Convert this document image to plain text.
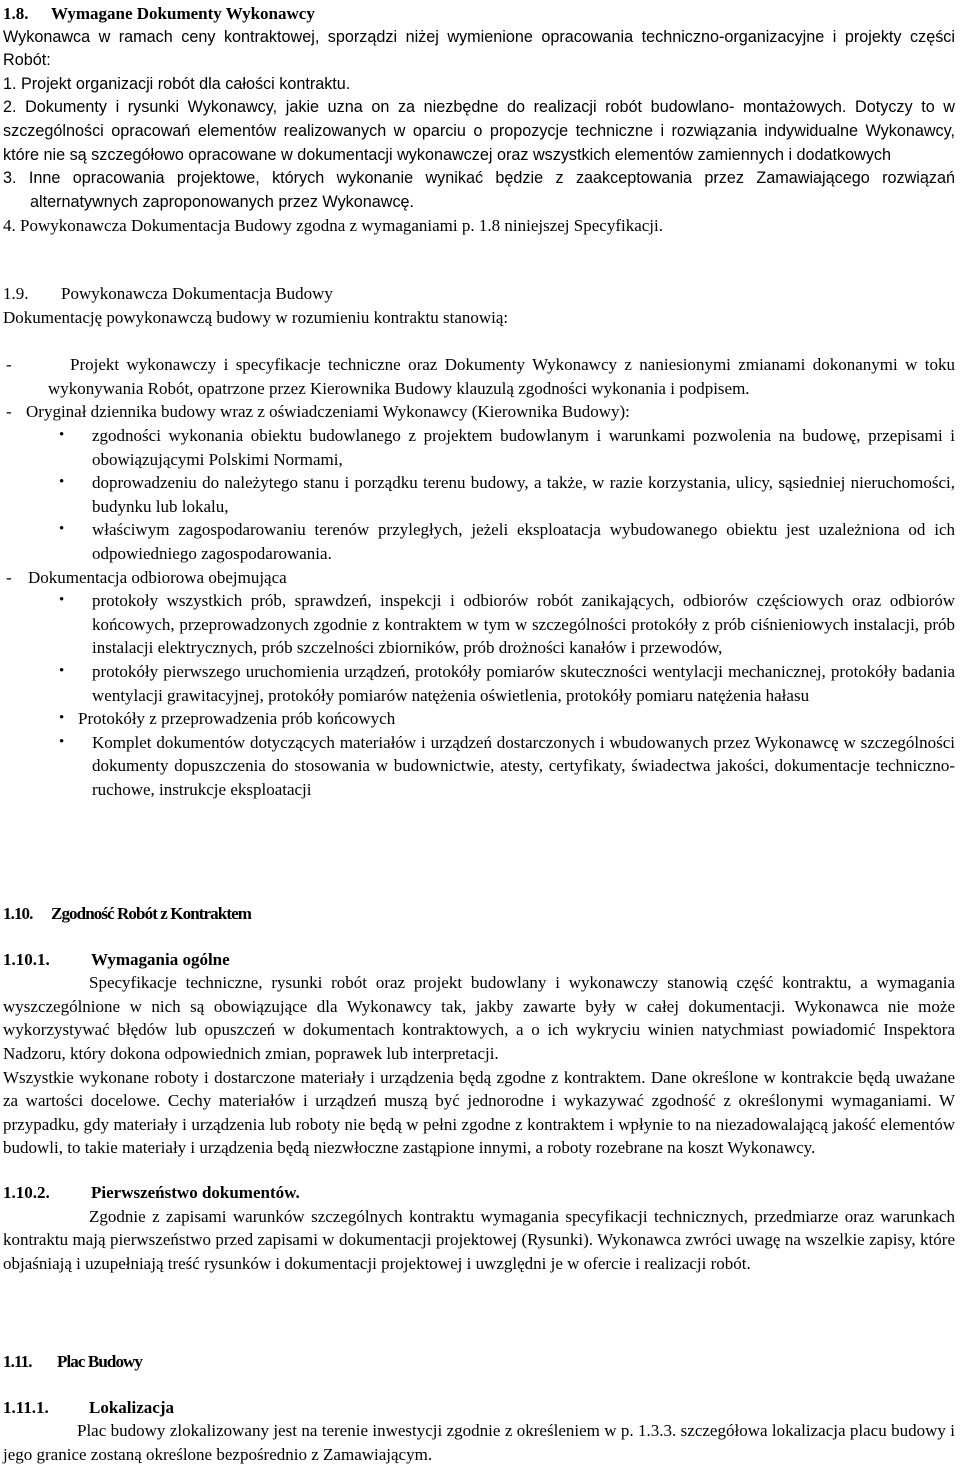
1.8. Wymagane Dokumenty Wykonawcy

Wykonawca w ramach ceny kontraktowej, sporządzi niżej wymienione opracowania techniczno-organizacyjne i projekty części Robót:

1. Projekt organizacji robót dla całości kontraktu.

2. Dokumenty i rysunki Wykonawcy, jakie uzna on za niezbędne do realizacji robót budowlano- montażowych. Dotyczy to w szczególności opracowań elementów realizowanych w oparciu o propozycje techniczne i rozwiązania indywidualne Wykonawcy, które nie są szczegółowo opracowane w dokumentacji wykonawczej oraz wszystkich elementów zamiennych i dodatkowych

3. Inne opracowania projektowe, których wykonanie wynikać będzie z zaakceptowania przez Zamawiającego rozwiązań alternatywnych zaproponowanych przez Wykonawcę.

4. Powykonawcza Dokumentacja Budowy zgodna z wymaganiami p. 1.8 niniejszej Specyfikacji.

1.9. Powykonawcza Dokumentacja Budowy

Dokumentację powykonawczą budowy w rozumieniu kontraktu stanowią:

-	Projekt wykonawczy i specyfikacje techniczne oraz Dokumenty Wykonawcy z naniesionymi zmianami dokonanymi w toku wykonywania Robót, opatrzone przez Kierownika Budowy klauzulą zgodności wykonania i podpisem.
- Oryginał dziennika budowy wraz z oświadczeniami Wykonawcy (Kierownika Budowy):
• zgodności wykonania obiektu budowlanego z projektem budowlanym i warunkami pozwolenia na budowę, przepisami i obowiązującymi Polskimi Normami,
• doprowadzeniu do należytego stanu i porządku terenu budowy, a także, w razie korzystania, ulicy, sąsiedniej nieruchomości, budynku lub lokalu,
• właściwym zagospodarowaniu terenów przyległych, jeżeli eksploatacja wybudowanego obiektu jest uzależniona od ich odpowiedniego zagospodarowania.
- Dokumentacja odbiorowa obejmująca
• protokoły wszystkich prób, sprawdzeń, inspekcji i odbiorów robót zanikających, odbiorów częściowych oraz odbiorów końcowych, przeprowadzonych zgodnie z kontraktem w tym w szczególności protokóły z prób ciśnieniowych instalacji, prób instalacji elektrycznych, prób szczelności zbiorników, prób drożności kanałów i przewodów,
• protokóły pierwszego uruchomienia urządzeń, protokóły pomiarów skuteczności wentylacji mechanicznej, protokóły badania wentylacji grawitacyjnej, protokóły pomiarów natężenia oświetlenia, protokóły pomiaru natężenia hałasu
• Protokóły z przeprowadzenia prób końcowych
• Komplet dokumentów dotyczących materiałów i urządzeń dostarczonych i wbudowanych przez Wykonawcę w szczególności dokumenty dopuszczenia do stosowania w budownictwie, atesty, certyfikaty, świadectwa jakości, dokumentacje techniczno-ruchowe, instrukcje eksploatacji
1.10. Zgodność Robót z Kontraktem
1.10.1. Wymagania ogólne

Specyfikacje techniczne, rysunki robót oraz projekt budowlany i wykonawczy stanowią część kontraktu, a wymagania wyszczególnione w nich są obowiązujące dla Wykonawcy tak, jakby zawarte były w całej dokumentacji. Wykonawca nie może wykorzystywać błędów lub opuszczeń w dokumentach kontraktowych, a o ich wykryciu winien natychmiast powiadomić Inspektora Nadzoru, który dokona odpowiednich zmian, poprawek lub interpretacji.

Wszystkie wykonane roboty i dostarczone materiały i urządzenia będą zgodne z kontraktem. Dane określone w kontrakcie będą uważane za wartości docelowe. Cechy materiałów i urządzeń muszą być jednorodne i wykazywać zgodność z określonymi wymaganiami. W przypadku, gdy materiały i urządzenia lub roboty nie będą w pełni zgodne z kontraktem i wpłynie to na niezadowalającą jakość elementów budowli, to takie materiały i urządzenia będą niezwłoczne zastąpione innymi, a roboty rozebrane na koszt Wykonawcy.

1.10.2. Pierwszeństwo dokumentów.

Zgodnie z zapisami warunków szczególnych kontraktu wymagania specyfikacji technicznych, przedmiarze oraz warunkach kontraktu mają pierwszeństwo przed zapisami w dokumentacji projektowej (Rysunki). Wykonawca zwróci uwagę na wszelkie zapisy, które objaśniają i uzupełniają treść rysunków i dokumentacji projektowej i uwzględni je w ofercie i realizacji robót.

1.11. Plac Budowy
1.11.1. Lokalizacja

Plac budowy zlokalizowany jest na terenie inwestycji zgodnie z określeniem w p. 1.3.3. szczegółowa lokalizacja placu budowy i jego granice zostaną określone bezpośrednio z Zamawiającym.
